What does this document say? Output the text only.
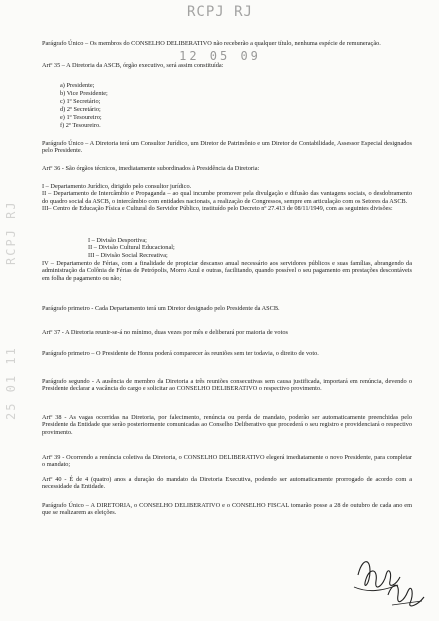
RCPJ RJ
12 05 09
RCPJ RJ
25 01 11

Parágrafo Único – Os membros do CONSELHO DELIBERATIVO não receberão a qualquer título, nenhuma espécie de remuneração.

Artº 35 – A Diretoria da ASCB, órgão executivo, será assim constituída:

a) Presidente;
b) Vice Presidente;
c) 1º Secretário;
d) 2º Secretário;
e) 1º Tesoureiro;
f) 2º Tesoureiro.

Parágrafo Único – A Diretoria terá um Consultor Jurídico, um Diretor de Patrimônio e um Diretor de Contabilidade, Assessor Especial designados pelo Presidente.

Artº 36 - São órgãos técnicos, imediatamente subordinados à Presidência da Diretoria:

I – Departamento Jurídico, dirigido pelo consultor jurídico.

II – Departamento de Intercâmbio e Propaganda – ao qual incumbe promover pela divulgação e difusão das vantagens sociais, o desdobramento do quadro social da ASCB, o intercâmbio com entidades nacionais, a realização de Congressos, sempre em articulação com os Setores da ASCB.

III– Centro de Educação Física e Cultural do Servidor Público, instituído pelo Decreto nº 27.413 de 08/11/1949, com as seguintes divisões:

I – Divisão Desportiva;
II – Divisão Cultural Educacional;
III – Divisão Social Recreativa;

IV – Departamento de Férias, com a finalidade de propiciar descanso anual necessário aos servidores públicos e suas famílias, abrangendo da administração da Colônia de Férias de Petrópolis, Morro Azul e outras, facilitando, quando possível o seu pagamento em prestações descontáveis em folha de pagamento ou não;

Parágrafo primeiro - Cada Departamento terá um Diretor designado pelo Presidente da ASCB.

Artº 37 - A Diretoria reunir-se-á no mínimo, duas vezes por mês e deliberará por maioria de votos

Parágrafo primeiro – O Presidente de Honra poderá comparecer às reuniões sem ter todavia, o direito de voto.

Parágrafo segundo - A ausência de membro da Diretoria a três reuniões consecutivas sem causa justificada, importará em renúncia, devendo o Presidente declarar a vacância do cargo e solicitar ao CONSELHO DELIBERATIVO o respectivo provimento.

Artº 38 - As vagas ocorridas na Diretoria, por falecimento, renúncia ou perda de mandato, poderão ser automaticamente preenchidas pelo Presidente da Entidade que serão posteriormente comunicadas ao Conselho Deliberativo que procederá o seu registro e providenciará o respectivo provimento.

Artº 39 - Ocorrendo a renúncia coletiva da Diretoria, o CONSELHO DELIBERATIVO elegerá imediatamente o novo Presidente, para completar o mandato;

Artº 40 - É de 4 (quatro) anos a duração do mandato da Diretoria Executiva, podendo ser automaticamente prorrogado de acordo com a necessidade da Entidade.

Parágrafo Único – A DIRETORIA, o CONSELHO DELIBERATIVO e o CONSELHO FISCAL tomarão posse a 28 de outubro de cada ano em que se realizarem as eleições.
